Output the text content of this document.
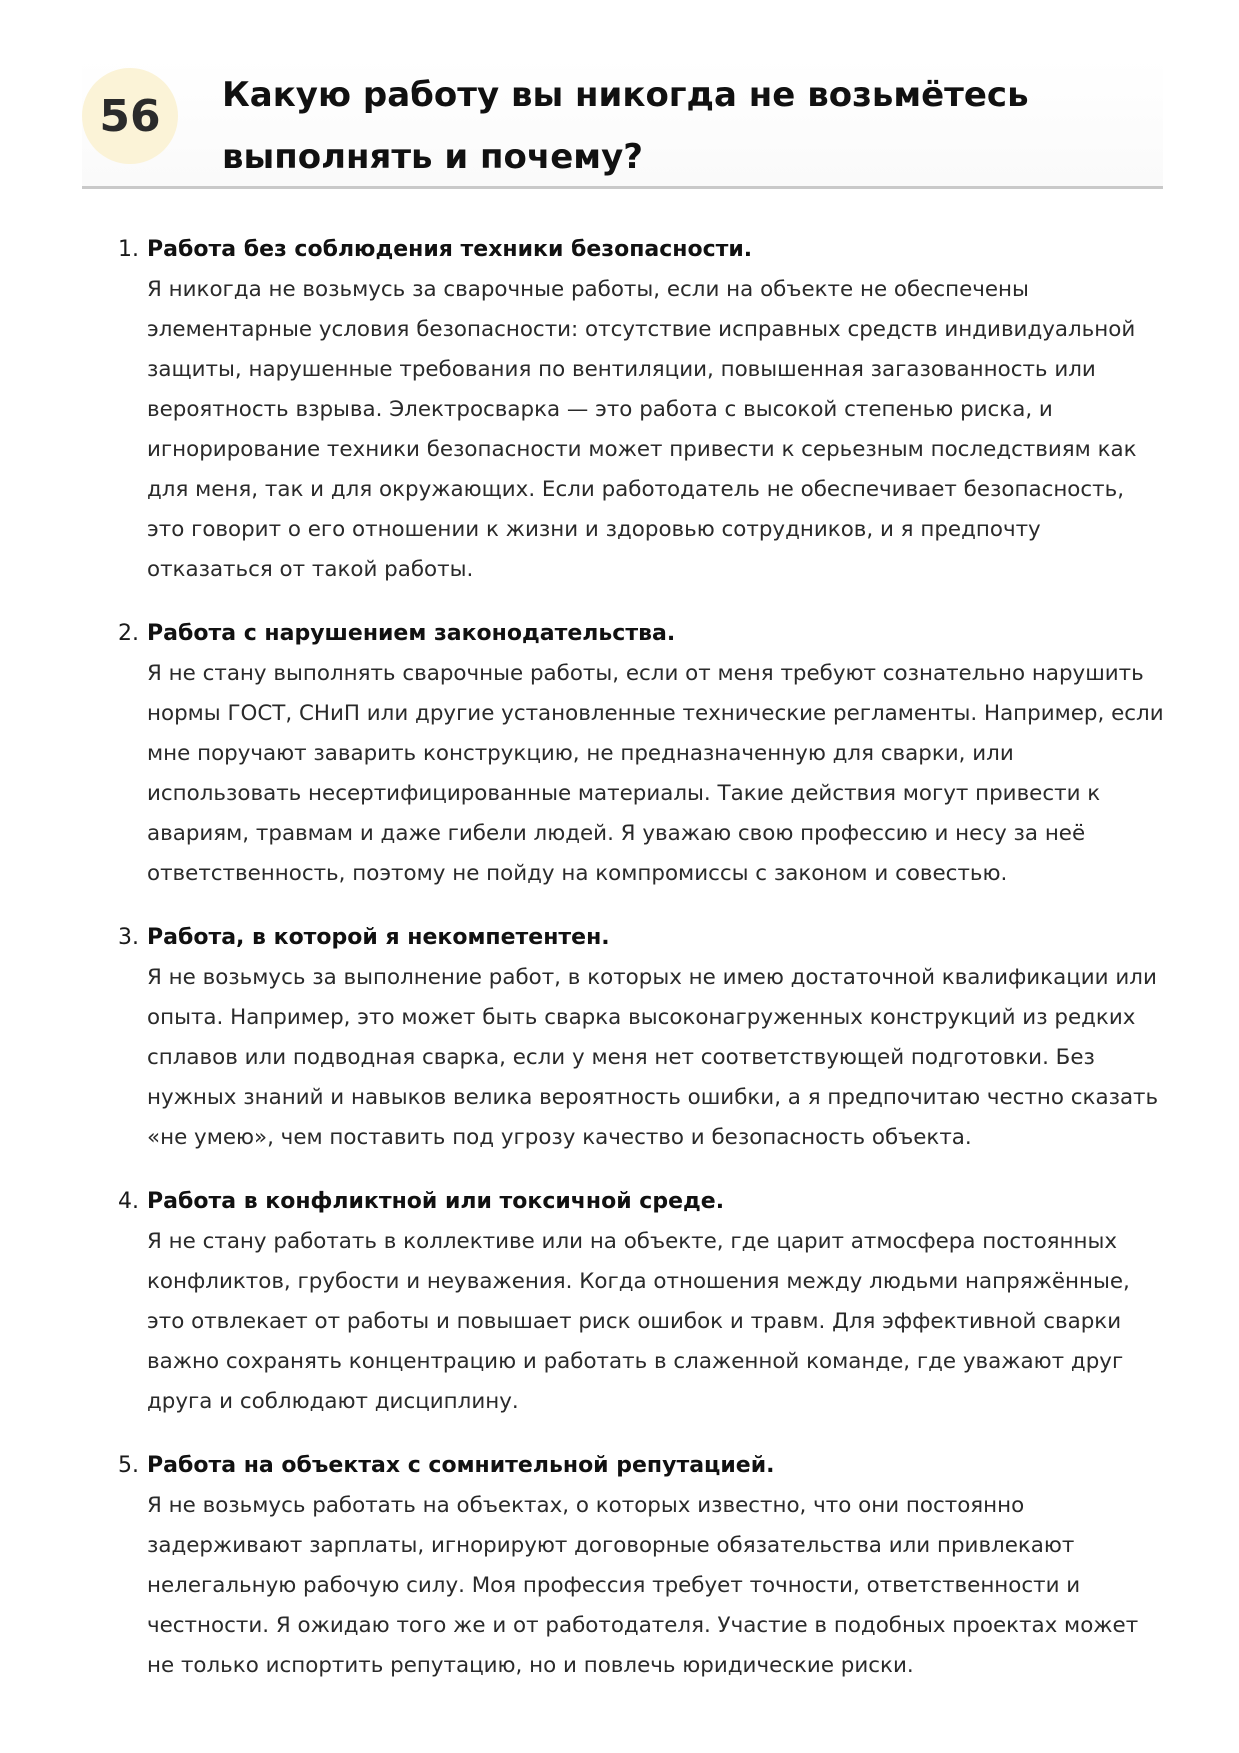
56	Какую работу вы никогда не возьмётесь выполнять и почему?
1. Работа без соблюдения техники безопасности.
Я никогда не возьмусь за сварочные работы, если на объекте не обеспечены элементарные условия безопасности: отсутствие исправных средств индивидуальной защиты, нарушенные требования по вентиляции, повышенная загазованность или вероятность взрыва. Электросварка — это работа с высокой степенью риска, и игнорирование техники безопасности может привести к серьезным последствиям как для меня, так и для окружающих. Если работодатель не обеспечивает безопасность, это говорит о его отношении к жизни и здоровью сотрудников, и я предпочту отказаться от такой работы.
2. Работа с нарушением законодательства.
Я не стану выполнять сварочные работы, если от меня требуют сознательно нарушить нормы ГОСТ, СНиП или другие установленные технические регламенты. Например, если мне поручают заварить конструкцию, не предназначенную для сварки, или использовать несертифицированные материалы. Такие действия могут привести к авариям, травмам и даже гибели людей. Я уважаю свою профессию и несу за неё ответственность, поэтому не пойду на компромиссы с законом и совестью.
3. Работа, в которой я некомпетентен.
Я не возьмусь за выполнение работ, в которых не имею достаточной квалификации или опыта. Например, это может быть сварка высоконагруженных конструкций из редких сплавов или подводная сварка, если у меня нет соответствующей подготовки. Без нужных знаний и навыков велика вероятность ошибки, а я предпочитаю честно сказать «не умею», чем поставить под угрозу качество и безопасность объекта.
4. Работа в конфликтной или токсичной среде.
Я не стану работать в коллективе или на объекте, где царит атмосфера постоянных конфликтов, грубости и неуважения. Когда отношения между людьми напряжённые, это отвлекает от работы и повышает риск ошибок и травм. Для эффективной сварки важно сохранять концентрацию и работать в слаженной команде, где уважают друг друга и соблюдают дисциплину.
5. Работа на объектах с сомнительной репутацией.
Я не возьмусь работать на объектах, о которых известно, что они постоянно задерживают зарплаты, игнорируют договорные обязательства или привлекают нелегальную рабочую силу. Моя профессия требует точности, ответственности и честности. Я ожидаю того же и от работодателя. Участие в подобных проектах может не только испортить репутацию, но и повлечь юридические риски.
